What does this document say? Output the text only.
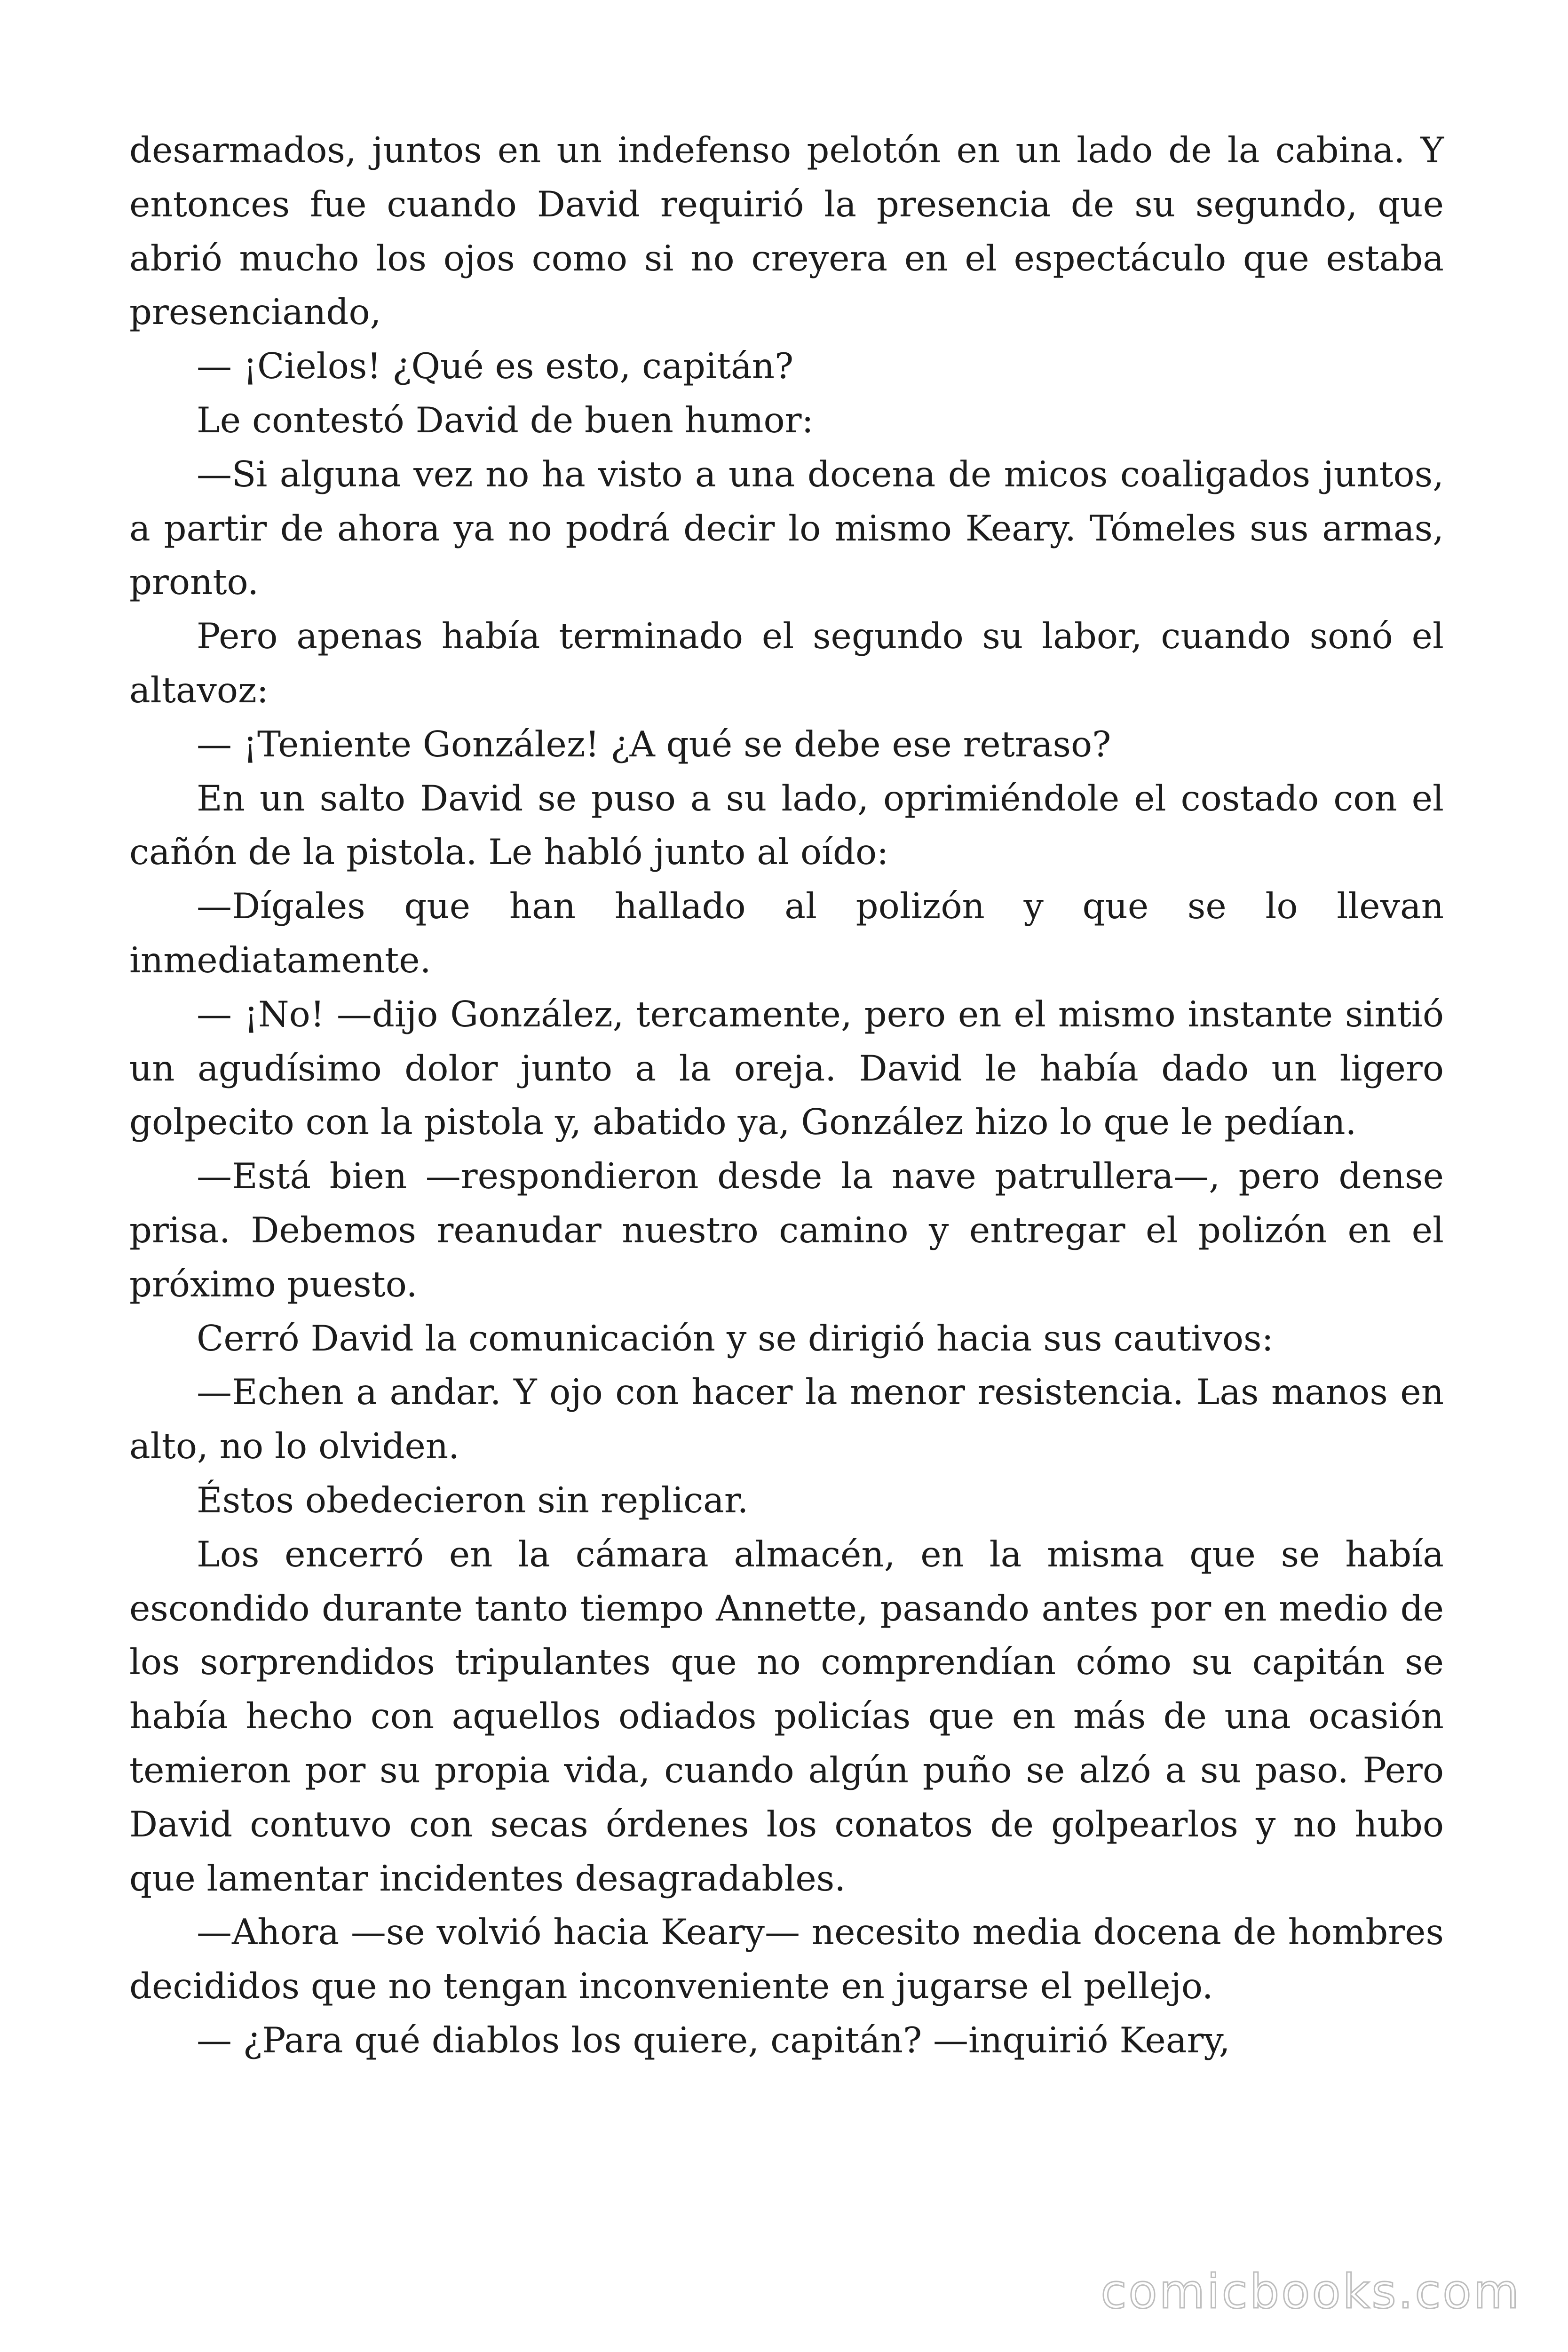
desarmados, juntos en un indefenso pelotón en un lado de la cabina. Y entonces fue cuando David requirió la presencia de su segundo, que abrió mucho los ojos como si no creyera en el espectáculo que estaba presenciando,

— ¡Cielos! ¿Qué es esto, capitán?

Le contestó David de buen humor:

—Si alguna vez no ha visto a una docena de micos coaligados juntos, a partir de ahora ya no podrá decir lo mismo Keary. Tómeles sus armas, pronto.

Pero apenas había terminado el segundo su labor, cuando sonó el altavoz:

— ¡Teniente González! ¿A qué se debe ese retraso?

En un salto David se puso a su lado, oprimiéndole el costado con el cañón de la pistola. Le habló junto al oído:

—Dígales que han hallado al polizón y que se lo llevan inmediatamente.

— ¡No! —dijo González, tercamente, pero en el mismo instante sintió un agudísimo dolor junto a la oreja. David le había dado un ligero golpecito con la pistola y, abatido ya, González hizo lo que le pedían.

—Está bien —respondieron desde la nave patrullera—, pero dense prisa. Debemos reanudar nuestro camino y entregar el polizón en el próximo puesto.

Cerró David la comunicación y se dirigió hacia sus cautivos:

—Echen a andar. Y ojo con hacer la menor resistencia. Las manos en alto, no lo olviden.

Éstos obedecieron sin replicar.

Los encerró en la cámara almacén, en la misma que se había escondido durante tanto tiempo Annette, pasando antes por en medio de los sorprendidos tripulantes que no comprendían cómo su capitán se había hecho con aquellos odiados policías que en más de una ocasión temieron por su propia vida, cuando algún puño se alzó a su paso. Pero David contuvo con secas órdenes los conatos de golpearlos y no hubo que lamentar incidentes desagradables.

—Ahora —se volvió hacia Keary— necesito media docena de hombres decididos que no tengan inconveniente en jugarse el pellejo.

— ¿Para qué diablos los quiere, capitán? —inquirió Keary,

comicbooks.com
